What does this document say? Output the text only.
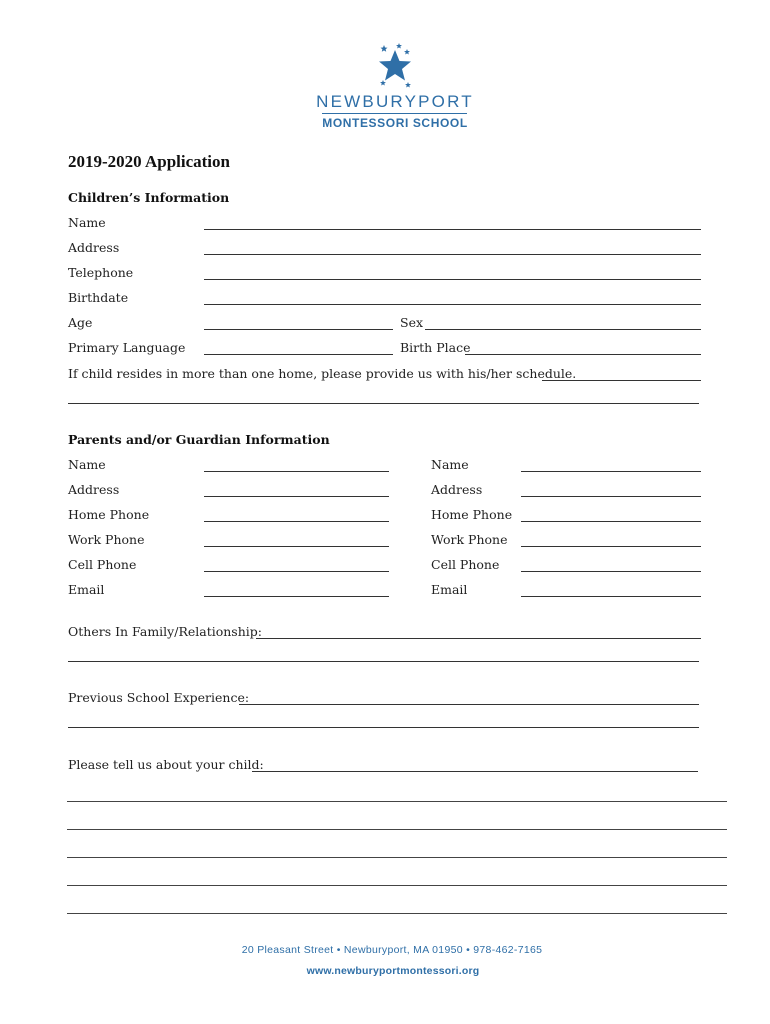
NEWBURYPORT
MONTESSORI SCHOOL
2019-2020 Application
Children’s Information
Name
Address
Telephone
Birthdate
Age	Sex
Primary Language	Birth Place
If child resides in more than one home, please provide us with his/her schedule.
Parents and/or Guardian Information
Name	Name
Address	Address
Home Phone	Home Phone
Work Phone	Work Phone
Cell Phone	Cell Phone
Email	Email
Others In Family/Relationship:
Previous School Experience:
Please tell us about your child:
20 Pleasant Street • Newburyport, MA 01950 • 978-462-7165
www.newburyportmontessori.org
